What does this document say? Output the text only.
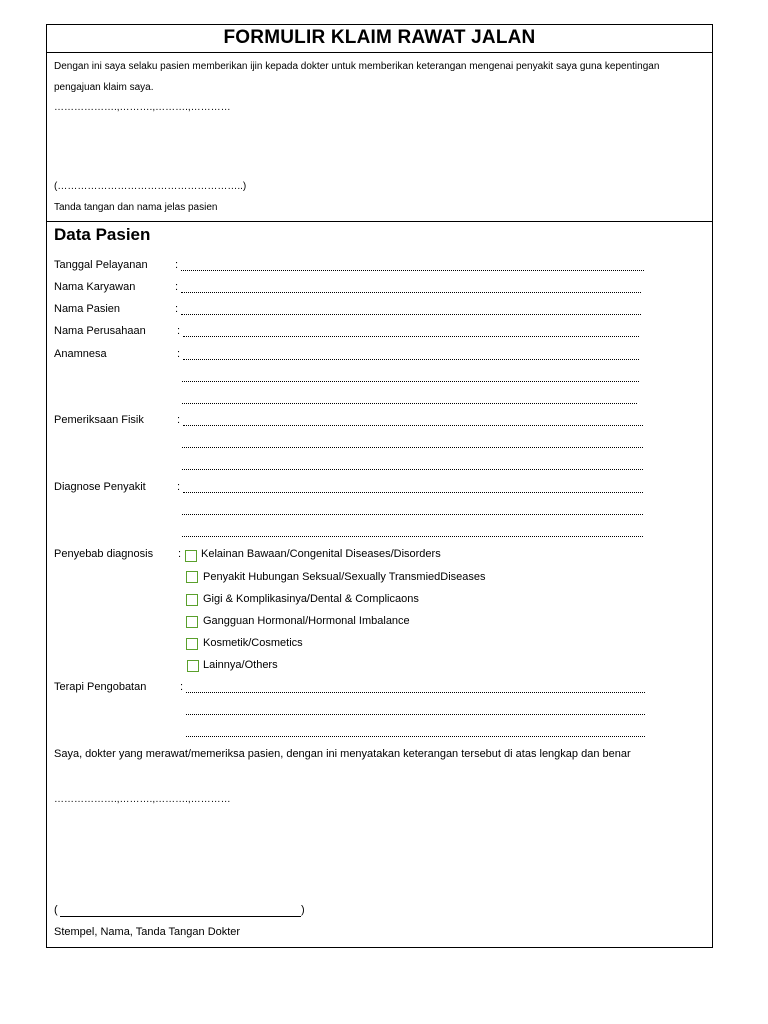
FORMULIR KLAIM RAWAT JALAN
Dengan ini saya selaku pasien memberikan ijin kepada dokter untuk memberikan keterangan mengenai penyakit saya guna kepentingan
pengajuan klaim saya.
……………….,……….,……….,…………
(………………………………………………..)
Tanda tangan dan nama jelas pasien
Data Pasien
Tanggal Pelayanan :
Nama Karyawan	:
Nama Pasien	:
Nama Perusahaan	:
Anamnesa	:
Pemeriksaan Fisik	:
Diagnose Penyakit	:
Penyebab diagnosis : Kelainan Bawaan/Congenital Diseases/Disorders
Penyakit Hubungan Seksual/Sexually TransmiedDiseases
Gigi & Komplikasinya/Dental & Complicaons
Gangguan Hormonal/Hormonal Imbalance
Kosmetik/Cosmetics
Lainnya/Others
Terapi Pengobatan	:
Saya, dokter yang merawat/memeriksa pasien, dengan ini menyatakan keterangan tersebut di atas lengkap dan benar
……………….,……….,……….,…………
(	)
Stempel, Nama, Tanda Tangan Dokter
